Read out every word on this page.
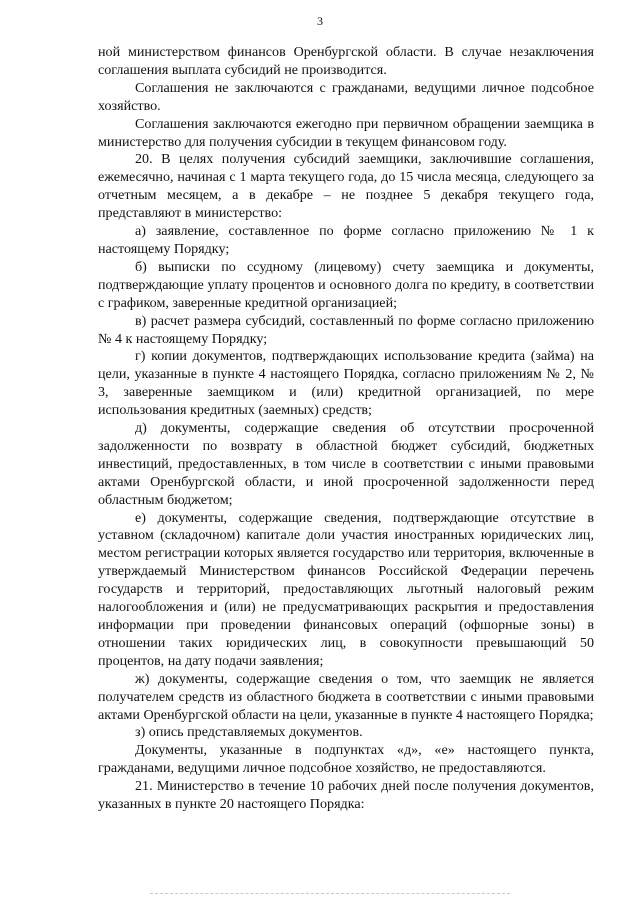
3

ной министерством финансов Оренбургской области. В случае незаключения соглашения выплата субсидий не производится.

Соглашения не заключаются с гражданами, ведущими личное подсобное хозяйство.

Соглашения заключаются ежегодно при первичном обращении заемщика в министерство для получения субсидии в текущем финансовом году.

20. В целях получения субсидий заемщики, заключившие соглашения, ежемесячно, начиная с 1 марта текущего года, до 15 числа месяца, следующего за отчетным месяцем, а в декабре – не позднее 5 декабря текущего года, представляют в министерство:

а) заявление, составленное по форме согласно приложению № 1 к настоящему Порядку;

б) выписки по ссудному (лицевому) счету заемщика и документы, подтверждающие уплату процентов и основного долга по кредиту, в соответствии с графиком, заверенные кредитной организацией;

в) расчет размера субсидий, составленный по форме согласно приложению № 4 к настоящему Порядку;

г) копии документов, подтверждающих использование кредита (займа) на цели, указанные в пункте 4 настоящего Порядка, согласно приложениям № 2, № 3, заверенные заемщиком и (или) кредитной организацией, по мере использования кредитных (заемных) средств;

д) документы, содержащие сведения об отсутствии просроченной задолженности по возврату в областной бюджет субсидий, бюджетных инвестиций, предоставленных, в том числе в соответствии с иными правовыми актами Оренбургской области, и иной просроченной задолженности перед областным бюджетом;

е) документы, содержащие сведения, подтверждающие отсутствие в уставном (складочном) капитале доли участия иностранных юридических лиц, местом регистрации которых является государство или территория, включенные в утверждаемый Министерством финансов Российской Федерации перечень государств и территорий, предоставляющих льготный налоговый режим налогообложения и (или) не предусматривающих раскрытия и предоставления информации при проведении финансовых операций (офшорные зоны) в отношении таких юридических лиц, в совокупности превышающий 50 процентов, на дату подачи заявления;

ж) документы, содержащие сведения о том, что заемщик не является получателем средств из областного бюджета в соответствии с иными правовыми актами Оренбургской области на цели, указанные в пункте 4 настоящего Порядка;

з) опись представляемых документов.

Документы, указанные в подпунктах «д», «е» настоящего пункта, гражданами, ведущими личное подсобное хозяйство, не предоставляются.

21. Министерство в течение 10 рабочих дней после получения документов, указанных в пункте 20 настоящего Порядка:
